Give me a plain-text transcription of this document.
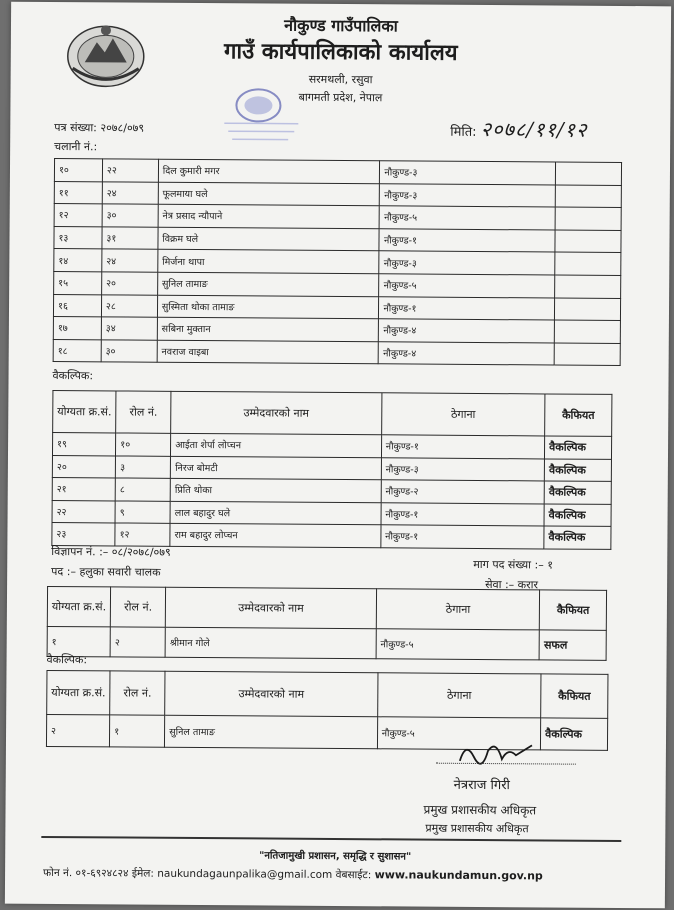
नौकुण्ड गाउँपालिका
गाउँ कार्यपालिकाको कार्यालय
सरमथली, रसुवा
बागमती प्रदेश, नेपाल
पत्र संख्या: २०७८/०७९
चलानी नं.:
मिति: २०७८/११/१२
१०	२२	दिल कुमारी मगर	नौकुण्ड-३	
११	२४	फूलमाया घले	नौकुण्ड-३	
१२	३०	नेत्र प्रसाद न्यौपाने	नौकुण्ड-५	
१३	३१	विक्रम घले	नौकुण्ड-१	
१४	२४	मिर्जना थापा	नौकुण्ड-३	
१५	२०	सुनिल तामाङ	नौकुण्ड-५	
१६	२८	सुस्मिता थोका तामाङ	नौकुण्ड-१	
१७	३४	सबिना मुक्तान	नौकुण्ड-४	
१८	३०	नवराज वाइबा	नौकुण्ड-४	
वैकल्पिक:
योग्यता क्र.सं.	रोल नं.	उम्मेदवारको नाम	ठेगाना	कैफियत
१९	१०	आईता शेर्पा लोप्चन	नौकुण्ड-१	वैकल्पिक
२०	३	निरज बोमटी	नौकुण्ड-३	वैकल्पिक
२१	८	प्रिति थोका	नौकुण्ड-२	वैकल्पिक
२२	९	लाल बहादुर घले	नौकुण्ड-१	वैकल्पिक
२३	१२	राम बहादुर लोप्चन	नौकुण्ड-१	वैकल्पिक
विज्ञापन नं. :– ०८/२०७८/०७९
माग पद संख्या :– १
पद :– हलुका सवारी चालक
सेवा :– करार
योग्यता क्र.सं.	रोल नं.	उम्मेदवारको नाम	ठेगाना	कैफियत
१	२	श्रीमान गोले	नौकुण्ड-५	सफल
वैकल्पिक:
योग्यता क्र.सं.	रोल नं.	उम्मेदवारको नाम	ठेगाना	कैफियत
२	१	सुनिल तामाङ	नौकुण्ड-५	वैकल्पिक
नेत्रराज गिरी
प्रमुख प्रशासकीय अधिकृत
प्रमुख प्रशासकीय अधिकृत
"नतिजामुखी प्रशासन, समृद्धि र सुशासन"
फोन नं. ०१-६९२४८२४ ईमेल: naukundagaunpalika@gmail.com वेबसाईट: www.naukundamun.gov.np
